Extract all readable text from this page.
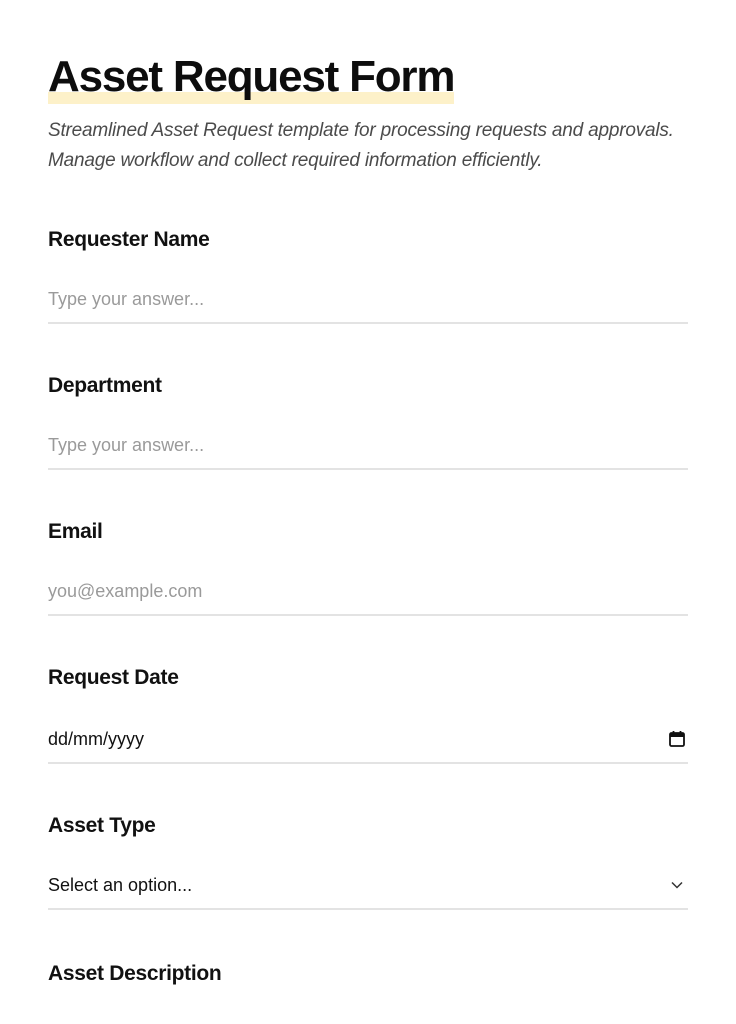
Asset Request Form

Streamlined Asset Request template for processing requests and approvals. Manage workflow and collect required information efficiently.

Requester Name
Type your answer...
Department
Type your answer...
Email
you@example.com
Request Date
dd/mm/yyyy
Asset Type
Select an option...
Asset Description
